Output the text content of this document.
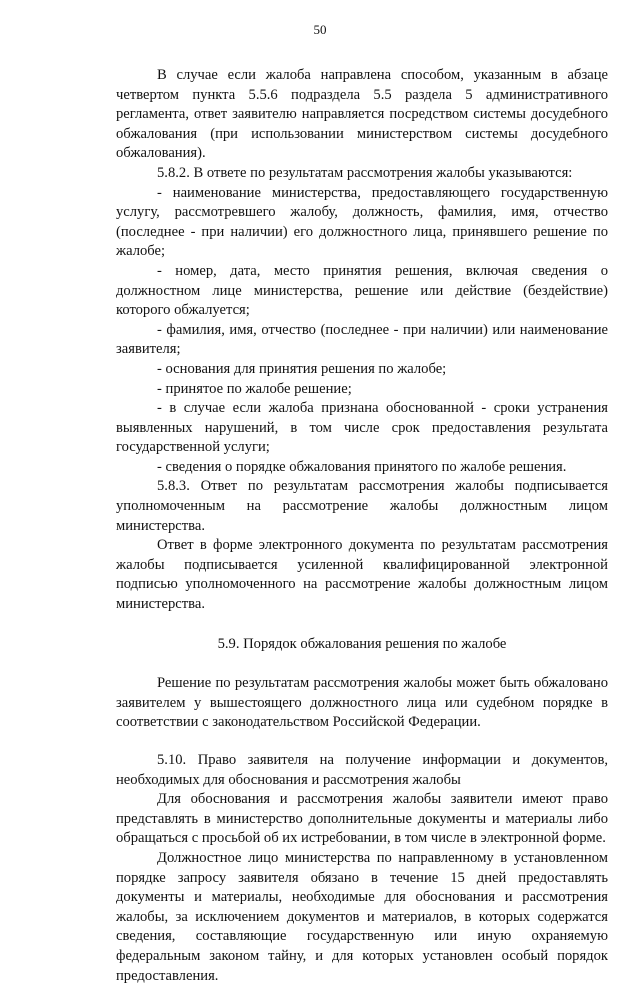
50

В случае если жалоба направлена способом, указанным в абзаце четвертом пункта 5.5.6 подраздела 5.5 раздела 5 административного регламента, ответ заявителю направляется посредством системы досудебного обжалования (при использовании министерством системы досудебного обжалования).

5.8.2. В ответе по результатам рассмотрения жалобы указываются:

- наименование министерства, предоставляющего государственную услугу, рассмотревшего жалобу, должность, фамилия, имя, отчество (последнее - при наличии) его должностного лица, принявшего решение по жалобе;

- номер, дата, место принятия решения, включая сведения о должностном лице министерства, решение или действие (бездействие) которого обжалуется;

- фамилия, имя, отчество (последнее - при наличии) или наименование заявителя;

- основания для принятия решения по жалобе;

- принятое по жалобе решение;

- в случае если жалоба признана обоснованной - сроки устранения выявленных нарушений, в том числе срок предоставления результата государственной услуги;

- сведения о порядке обжалования принятого по жалобе решения.

5.8.3. Ответ по результатам рассмотрения жалобы подписывается уполномоченным на рассмотрение жалобы должностным лицом министерства.

Ответ в форме электронного документа по результатам рассмотрения жалобы подписывается усиленной квалифицированной электронной подписью уполномоченного на рассмотрение жалобы должностным лицом министерства.

5.9. Порядок обжалования решения по жалобе

Решение по результатам рассмотрения жалобы может быть обжаловано заявителем у вышестоящего должностного лица или судебном порядке в соответствии с законодательством Российской Федерации.

5.10. Право заявителя на получение информации и документов, необходимых для обоснования и рассмотрения жалобы

Для обоснования и рассмотрения жалобы заявители имеют право представлять в министерство дополнительные документы и материалы либо обращаться с просьбой об их истребовании, в том числе в электронной форме.

Должностное лицо министерства по направленному в установленном порядке запросу заявителя обязано в течение 15 дней предоставлять документы и материалы, необходимые для обоснования и рассмотрения жалобы, за исключением документов и материалов, в которых содержатся сведения, составляющие государственную или иную охраняемую федеральным законом тайну, и для которых установлен особый порядок предоставления.
